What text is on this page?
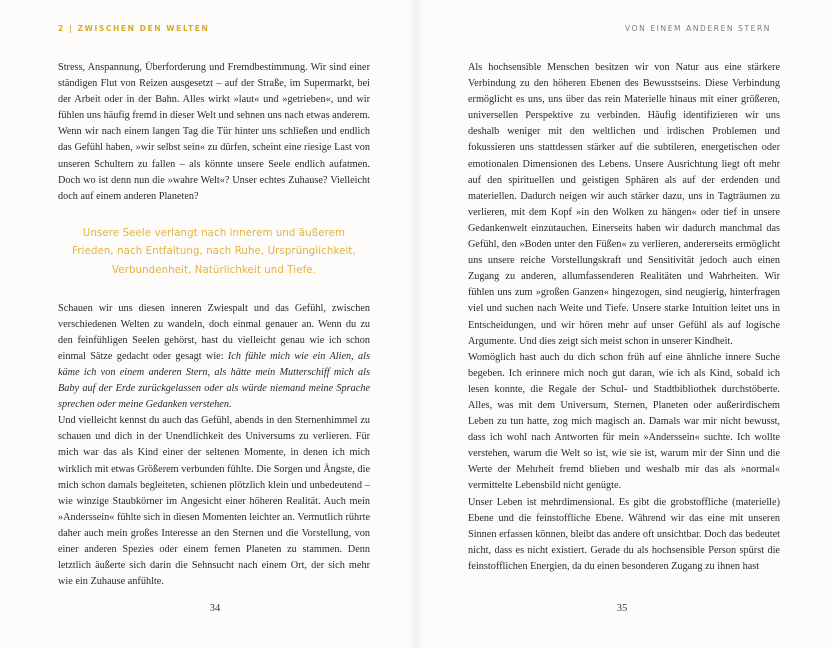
2 | ZWISCHEN DEN WELTEN

Stress, Anspannung, Überforderung und Fremdbestimmung. Wir sind einer ständigen Flut von Reizen ausgesetzt – auf der Straße, im Supermarkt, bei der Arbeit oder in der Bahn. Alles wirkt »laut« und »getrieben«, und wir fühlen uns häufig fremd in dieser Welt und sehnen uns nach etwas anderem. Wenn wir nach einem langen Tag die Tür hinter uns schließen und endlich das Gefühl haben, »wir selbst sein« zu dürfen, scheint eine riesige Last von unseren Schultern zu fallen – als könnte unsere Seele endlich aufatmen. Doch wo ist denn nun die »wahre Welt«? Unser echtes Zuhause? Vielleicht doch auf einem anderen Planeten?

Unsere Seele verlangt nach innerem und äußerem Frieden, nach Entfaltung, nach Ruhe, Ursprünglichkeit, Verbundenheit, Natürlichkeit und Tiefe.

Schauen wir uns diesen inneren Zwiespalt und das Gefühl, zwischen verschiedenen Welten zu wandeln, doch einmal genauer an. Wenn du zu den feinfühligen Seelen gehörst, hast du vielleicht genau wie ich schon einmal Sätze gedacht oder gesagt wie: Ich fühle mich wie ein Alien, als käme ich von einem anderen Stern, als hätte mein Mutterschiff mich als Baby auf der Erde zurückgelassen oder als würde niemand meine Sprache sprechen oder meine Gedanken verstehen.

Und vielleicht kennst du auch das Gefühl, abends in den Sternenhimmel zu schauen und dich in der Unendlichkeit des Universums zu verlieren. Für mich war das als Kind einer der seltenen Momente, in denen ich mich wirklich mit etwas Größerem verbunden fühlte. Die Sorgen und Ängste, die mich schon damals begleiteten, schienen plötzlich klein und unbedeutend – wie winzige Staubkörner im Angesicht einer höheren Realität. Auch mein »Anderssein« fühlte sich in diesen Momenten leichter an. Vermutlich rührte daher auch mein großes Interesse an den Sternen und die Vorstellung, von einer anderen Spezies oder einem fernen Planeten zu stammen. Denn letztlich äußerte sich darin die Sehnsucht nach einem Ort, der sich mehr wie ein Zuhause anfühlte.

34
VON EINEM ANDEREN STERN

Als hochsensible Menschen besitzen wir von Natur aus eine stärkere Verbindung zu den höheren Ebenen des Bewusstseins. Diese Verbindung ermöglicht es uns, uns über das rein Materielle hinaus mit einer größeren, universellen Perspektive zu verbinden. Häufig identifizieren wir uns deshalb weniger mit den weltlichen und irdischen Problemen und fokussieren uns stattdessen stärker auf die subtileren, energetischen oder emotionalen Dimensionen des Lebens. Unsere Ausrichtung liegt oft mehr auf den spirituellen und geistigen Sphären als auf der erdenden und materiellen. Dadurch neigen wir auch stärker dazu, uns in Tagträumen zu verlieren, mit dem Kopf »in den Wolken zu hängen« oder tief in unsere Gedankenwelt einzutauchen. Einerseits haben wir dadurch manchmal das Gefühl, den »Boden unter den Füßen« zu verlieren, andererseits ermöglicht uns unsere reiche Vorstellungskraft und Sensitivität jedoch auch einen Zugang zu anderen, allumfassenderen Realitäten und Wahrheiten. Wir fühlen uns zum »großen Ganzen« hingezogen, sind neugierig, hinterfragen viel und suchen nach Weite und Tiefe. Unsere starke Intuition leitet uns in Entscheidungen, und wir hören mehr auf unser Gefühl als auf logische Argumente. Und dies zeigt sich meist schon in unserer Kindheit.

Womöglich hast auch du dich schon früh auf eine ähnliche innere Suche begeben. Ich erinnere mich noch gut daran, wie ich als Kind, sobald ich lesen konnte, die Regale der Schul- und Stadtbibliothek durchstöberte. Alles, was mit dem Universum, Sternen, Planeten oder außerirdischem Leben zu tun hatte, zog mich magisch an. Damals war mir nicht bewusst, dass ich wohl nach Antworten für mein »Anderssein« suchte. Ich wollte verstehen, warum die Welt so ist, wie sie ist, warum mir der Sinn und die Werte der Mehrheit fremd blieben und weshalb mir das als »normal« vermittelte Lebensbild nicht genügte.

Unser Leben ist mehrdimensional. Es gibt die grobstoffliche (materielle) Ebene und die feinstoffliche Ebene. Während wir das eine mit unseren Sinnen erfassen können, bleibt das andere oft unsichtbar. Doch das bedeutet nicht, dass es nicht existiert. Gerade du als hochsensible Person spürst die feinstofflichen Energien, da du einen besonderen Zugang zu ihnen hast

35
